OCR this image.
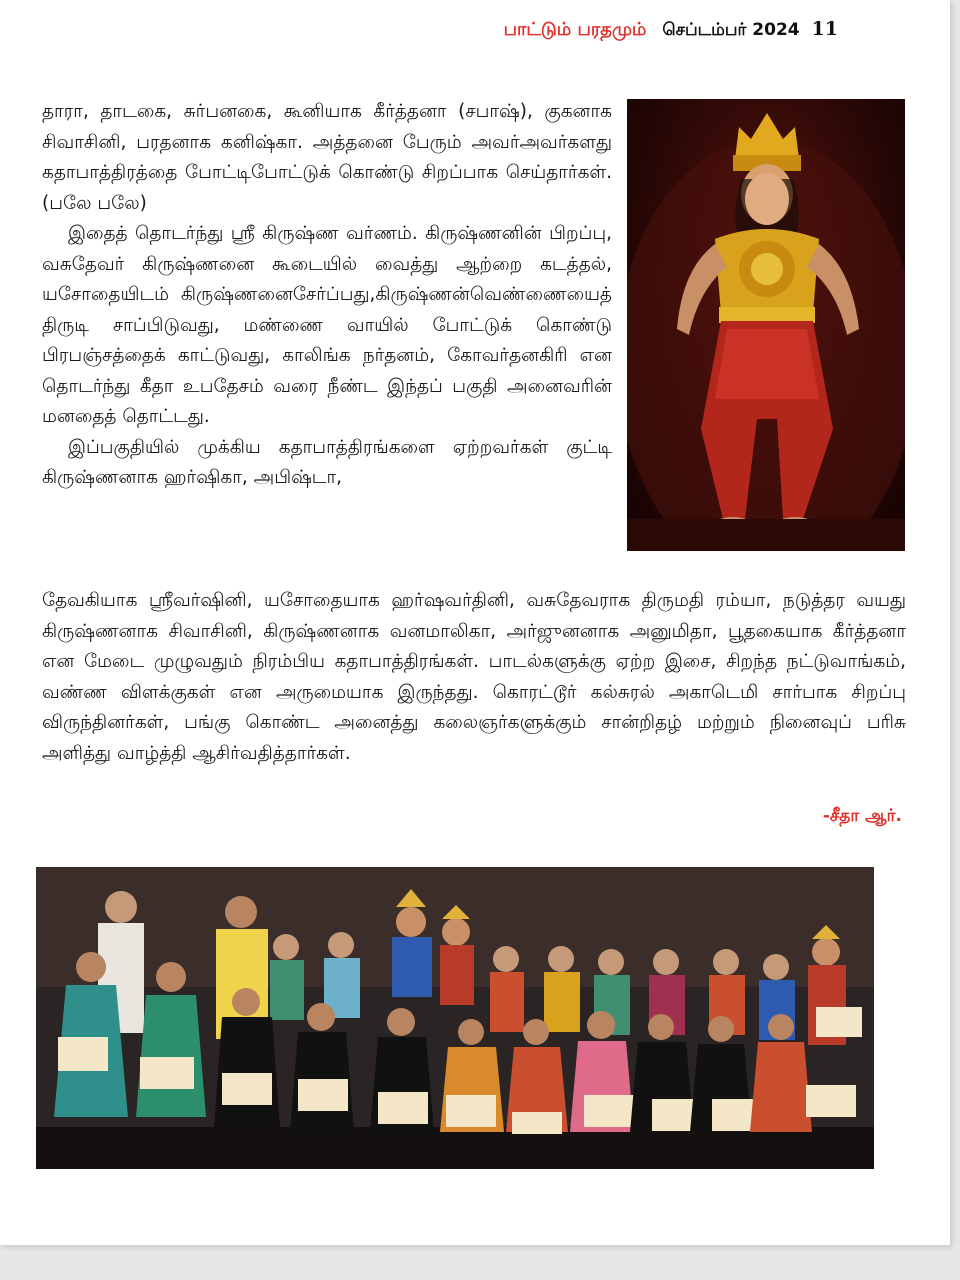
பாட்டும் பரதமும் செப்டம்பர் 2024 11

தாரா, தாடகை, சுர்பனகை, கூனியாக கீர்த்தனா (சபாஷ்), குகனாக சிவாசினி, பரதனாக கனிஷ்கா. அத்தனை பேரும் அவர்அவர்களது கதாபாத்திரத்தை போட்டிபோட்டுக் கொண்டு சிறப்பாக செய்தார்கள். (பலே பலே)

இதைத் தொடர்ந்து ஸ்ரீ கிருஷ்ண வர்ணம். கிருஷ்ணனின் பிறப்பு, வசுதேவர் கிருஷ்ணனை கூடையில் வைத்து ஆற்றை கடத்தல், யசோதையிடம் கிருஷ்ணனைசேர்ப்பது,கிருஷ்ணன்வெண்ணையைத் திருடி சாப்பிடுவது, மண்ணை வாயில் போட்டுக் கொண்டு பிரபஞ்சத்தைக் காட்டுவது, காலிங்க நர்தனம், கோவர்தனகிரி என தொடர்ந்து கீதா உபதேசம் வரை நீண்ட இந்தப் பகுதி அனைவரின் மனதைத் தொட்டது.

இப்பகுதியில் முக்கிய கதாபாத்திரங்களை ஏற்றவர்கள் குட்டி கிருஷ்ணனாக ஹர்ஷிகா, அபிஷ்டா,

தேவகியாக ஸ்ரீவர்ஷினி, யசோதையாக ஹர்ஷவர்தினி, வசுதேவராக திருமதி ரம்யா, நடுத்தர வயது கிருஷ்ணனாக சிவாசினி, கிருஷ்ணனாக வனமாலிகா, அர்ஜுனனாக அனுமிதா, பூதகையாக கீர்த்தனா என மேடை முழுவதும் நிரம்பிய கதாபாத்திரங்கள். பாடல்களுக்கு ஏற்ற இசை, சிறந்த நட்டுவாங்கம், வண்ண விளக்குகள் என அருமையாக இருந்தது. கொரட்டூர் கல்சுரல் அகாடெமி சார்பாக சிறப்பு விருந்தினர்கள், பங்கு கொண்ட அனைத்து கலைஞர்களுக்கும் சான்றிதழ் மற்றும் நினைவுப் பரிசு அளித்து வாழ்த்தி ஆசிர்வதித்தார்கள்.

-சீதா ஆர்.
